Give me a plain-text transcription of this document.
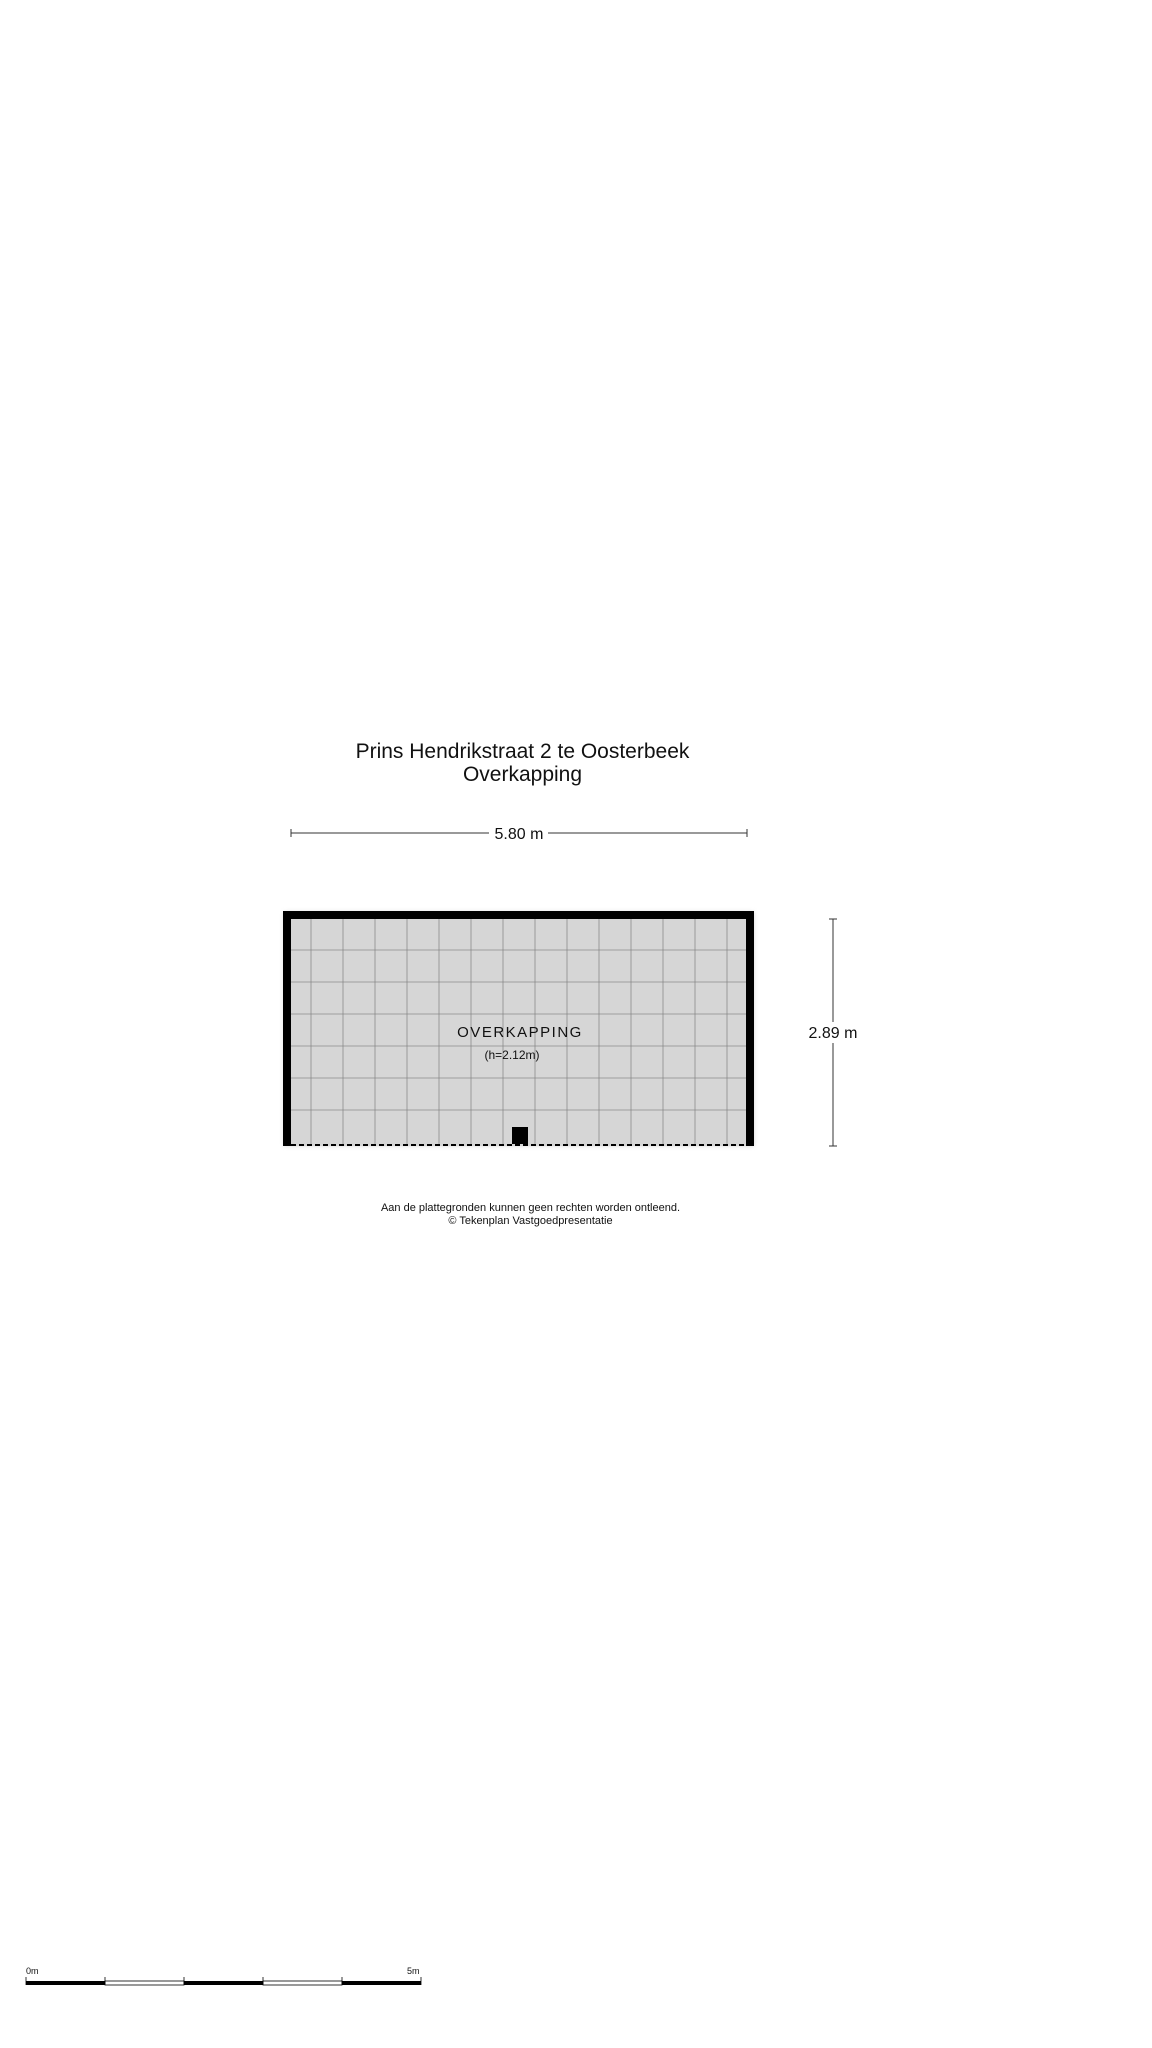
Prins Hendrikstraat 2 te Oosterbeek
Overkapping
5.80 m
2.89 m
OVERKAPPING
(h=2.12m)
0m	5m
Aan de plattegronden kunnen geen rechten worden ontleend.
© Tekenplan Vastgoedpresentatie
